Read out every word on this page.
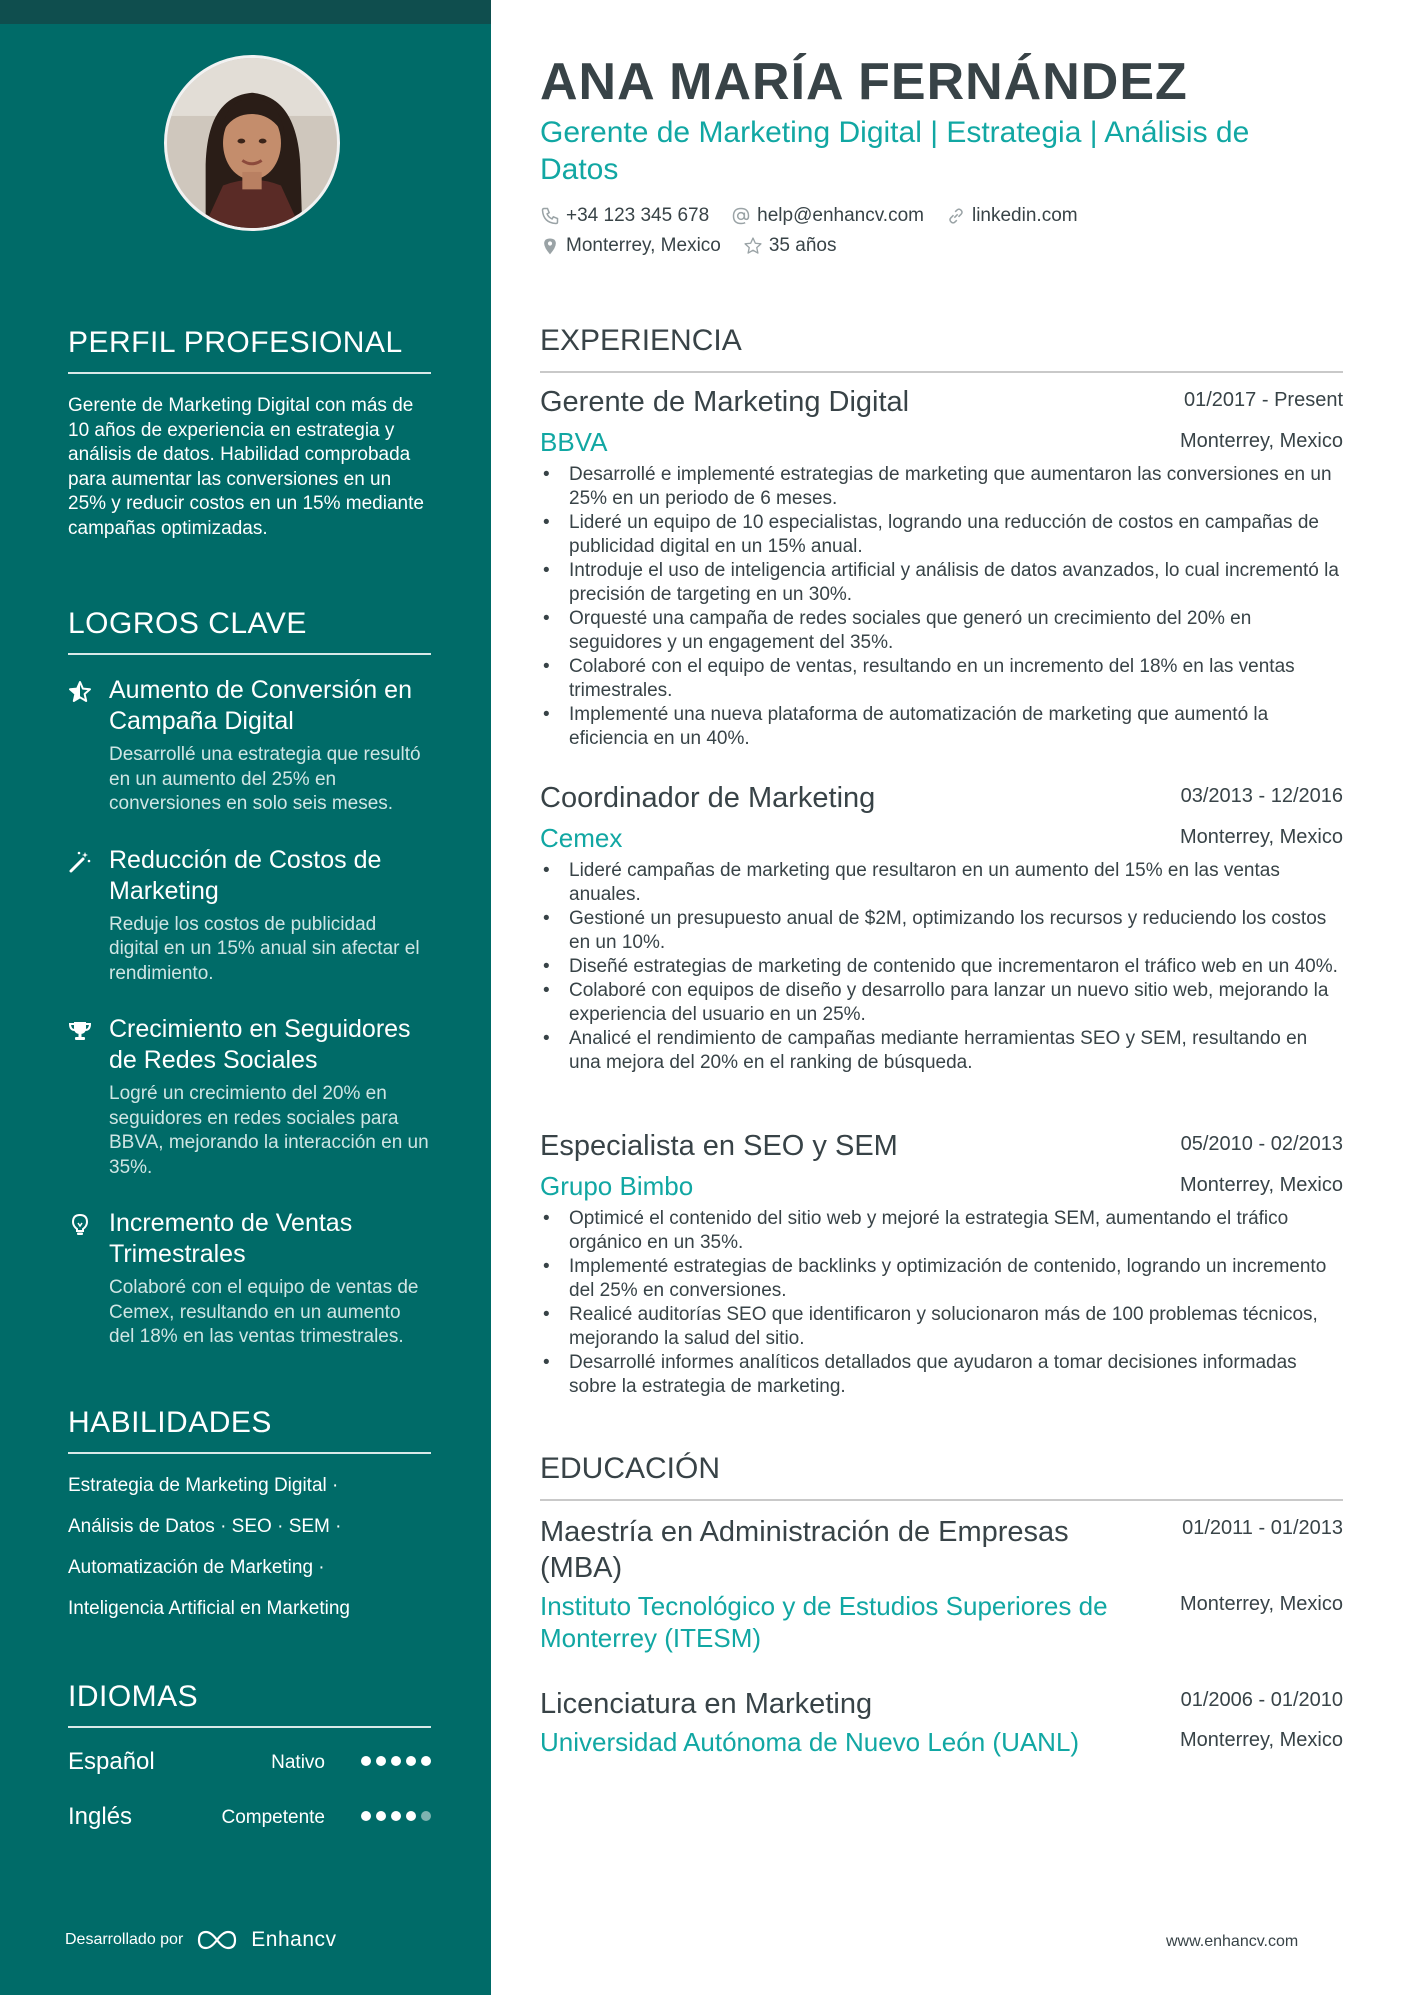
PERFIL PROFESIONAL
Gerente de Marketing Digital con más de 10 años de experiencia en estrategia y análisis de datos. Habilidad comprobada para aumentar las conversiones en un 25% y reducir costos en un 15% mediante campañas optimizadas.
LOGROS CLAVE
Aumento de Conversión en Campaña Digital
Desarrollé una estrategia que resultó en un aumento del 25% en conversiones en solo seis meses.
Reducción de Costos de Marketing
Reduje los costos de publicidad digital en un 15% anual sin afectar el rendimiento.
Crecimiento en Seguidores de Redes Sociales
Logré un crecimiento del 20% en seguidores en redes sociales para BBVA, mejorando la interacción en un 35%.
Incremento de Ventas Trimestrales
Colaboré con el equipo de ventas de Cemex, resultando en un aumento del 18% en las ventas trimestrales.
HABILIDADES
Estrategia de Marketing Digital ·
Análisis de Datos · SEO · SEM ·
Automatización de Marketing ·
Inteligencia Artificial en Marketing
IDIOMAS
Español	Nativo
Inglés	Competente
Desarrollado por	Enhancv
ANA MARÍA FERNÁNDEZ
Gerente de Marketing Digital | Estrategia | Análisis de Datos
+34 123 345 678	help@enhancv.com	linkedin.com
Monterrey, Mexico	35 años
EXPERIENCIA
Gerente de Marketing Digital	01/2017 - Present
BBVA	Monterrey, Mexico
• Desarrollé e implementé estrategias de marketing que aumentaron las conversiones en un 25% en un periodo de 6 meses.
• Lideré un equipo de 10 especialistas, logrando una reducción de costos en campañas de publicidad digital en un 15% anual.
• Introduje el uso de inteligencia artificial y análisis de datos avanzados, lo cual incrementó la precisión de targeting en un 30%.
• Orquesté una campaña de redes sociales que generó un crecimiento del 20% en seguidores y un engagement del 35%.
• Colaboré con el equipo de ventas, resultando en un incremento del 18% en las ventas trimestrales.
• Implementé una nueva plataforma de automatización de marketing que aumentó la eficiencia en un 40%.
Coordinador de Marketing	03/2013 - 12/2016
Cemex	Monterrey, Mexico
• Lideré campañas de marketing que resultaron en un aumento del 15% en las ventas anuales.
• Gestioné un presupuesto anual de $2M, optimizando los recursos y reduciendo los costos en un 10%.
• Diseñé estrategias de marketing de contenido que incrementaron el tráfico web en un 40%.
• Colaboré con equipos de diseño y desarrollo para lanzar un nuevo sitio web, mejorando la experiencia del usuario en un 25%.
• Analicé el rendimiento de campañas mediante herramientas SEO y SEM, resultando en una mejora del 20% en el ranking de búsqueda.
Especialista en SEO y SEM	05/2010 - 02/2013
Grupo Bimbo	Monterrey, Mexico
• Optimicé el contenido del sitio web y mejoré la estrategia SEM, aumentando el tráfico orgánico en un 35%.
• Implementé estrategias de backlinks y optimización de contenido, logrando un incremento del 25% en conversiones.
• Realicé auditorías SEO que identificaron y solucionaron más de 100 problemas técnicos, mejorando la salud del sitio.
• Desarrollé informes analíticos detallados que ayudaron a tomar decisiones informadas sobre la estrategia de marketing.
EDUCACIÓN
Maestría en Administración de Empresas (MBA)
01/2011 - 01/2013
Instituto Tecnológico y de Estudios Superiores de Monterrey (ITESM)
Monterrey, Mexico
Licenciatura en Marketing	01/2006 - 01/2010
Universidad Autónoma de Nuevo León (UANL)	Monterrey, Mexico
www.enhancv.com
